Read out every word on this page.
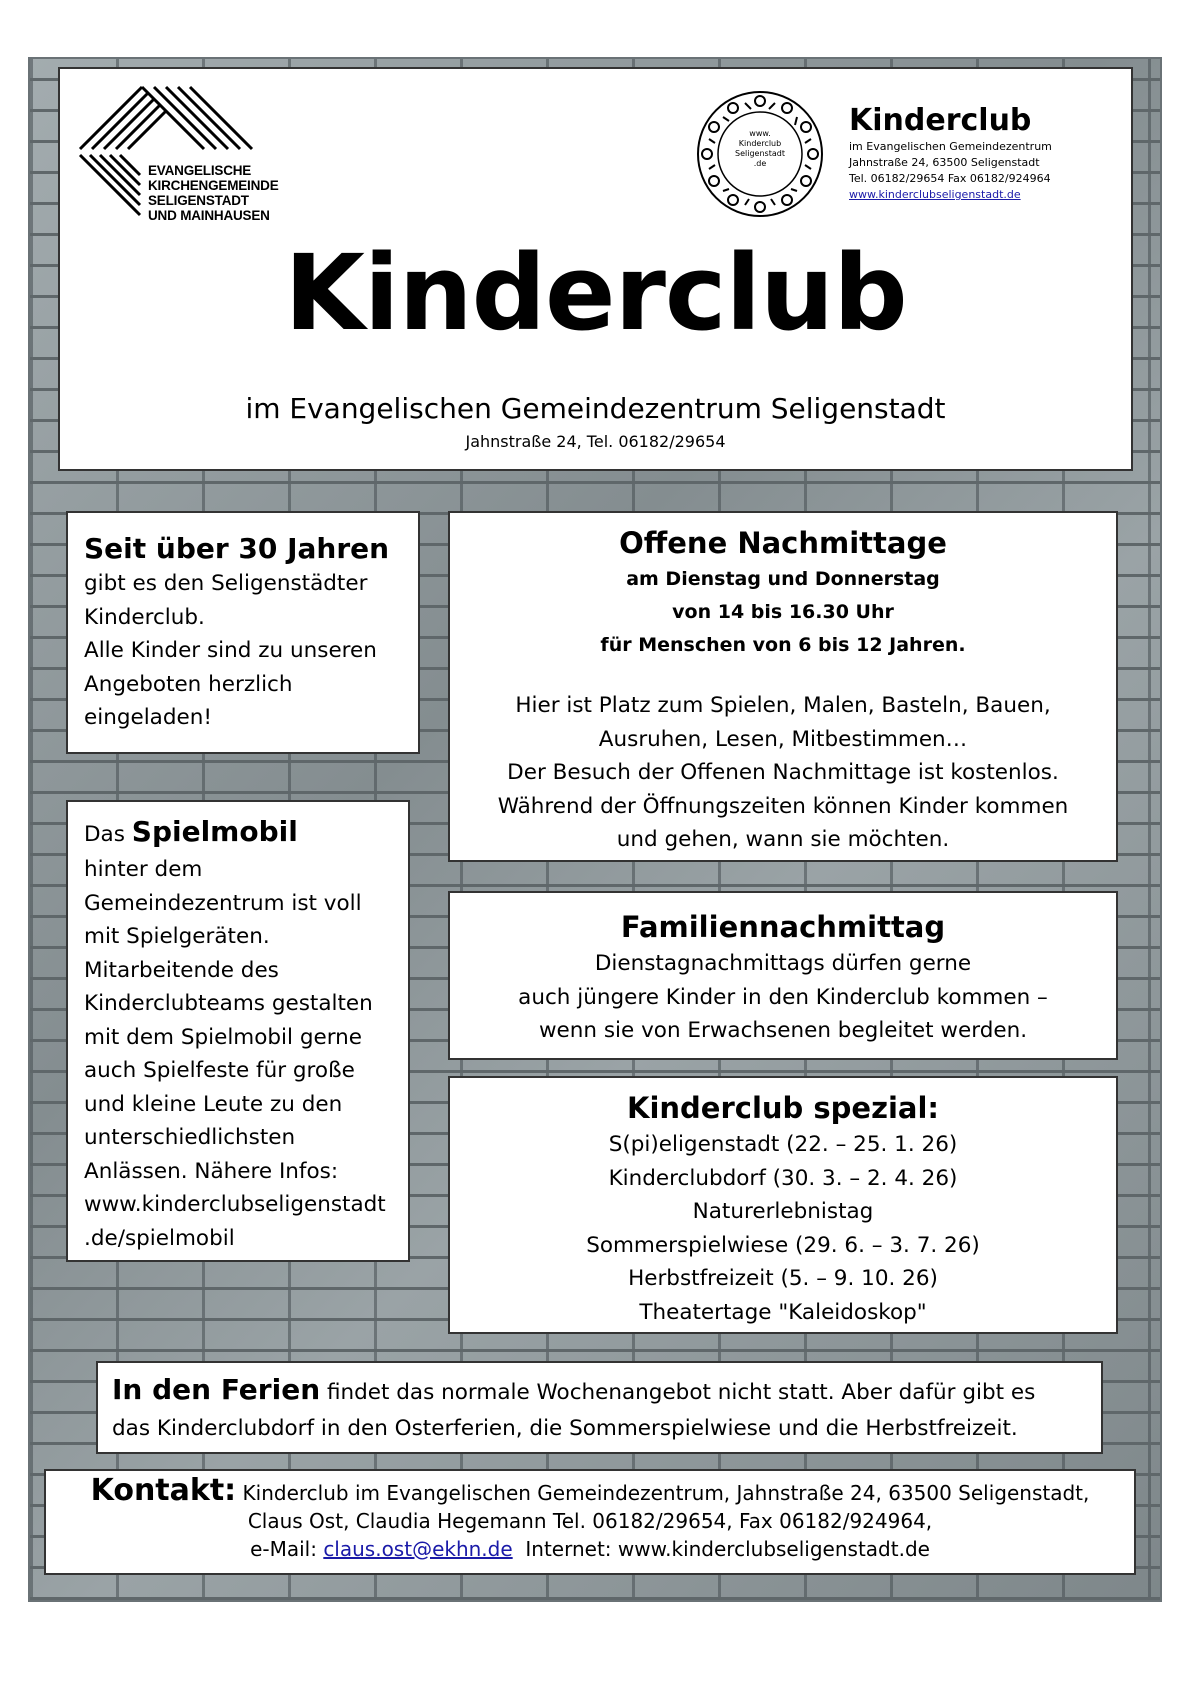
EVANGELISCHE
KIRCHENGEMEINDE
SELIGENSTADT
UND MAINHAUSEN
www.
Kinderclub
Seligenstadt
.de
Kinderclub
im Evangelischen Gemeindezentrum
Jahnstraße 24, 63500 Seligenstadt
Tel. 06182/29654 Fax 06182/924964
www.kinderclubseligenstadt.de
Kinderclub
im Evangelischen Gemeindezentrum Seligenstadt
Jahnstraße 24, Tel. 06182/29654
Seit über 30 Jahren
gibt es den Seligenstädter
Kinderclub.
Alle Kinder sind zu unseren
Angeboten herzlich
eingeladen!
Das Spielmobil
hinter dem
Gemeindezentrum ist voll
mit Spielgeräten.
Mitarbeitende des
Kinderclubteams gestalten
mit dem Spielmobil gerne
auch Spielfeste für große
und kleine Leute zu den
unterschiedlichsten
Anlässen. Nähere Infos:
www.kinderclubseligenstadt
.de/spielmobil
Offene Nachmittage
am Dienstag und Donnerstag
von 14 bis 16.30 Uhr
für Menschen von 6 bis 12 Jahren.
Hier ist Platz zum Spielen, Malen, Basteln, Bauen,
Ausruhen, Lesen, Mitbestimmen…
Der Besuch der Offenen Nachmittage ist kostenlos.
Während der Öffnungszeiten können Kinder kommen
und gehen, wann sie möchten.
Familiennachmittag
Dienstagnachmittags dürfen gerne
auch jüngere Kinder in den Kinderclub kommen –
wenn sie von Erwachsenen begleitet werden.
Kinderclub spezial:
S(pi)eligenstadt (22. – 25. 1. 26)
Kinderclubdorf (30. 3. – 2. 4. 26)
Naturerlebnistag
Sommerspielwiese (29. 6. – 3. 7. 26)
Herbstfreizeit (5. – 9. 10. 26)
Theatertage "Kaleidoskop"
In den Ferien findet das normale Wochenangebot nicht statt. Aber dafür gibt es
das Kinderclubdorf in den Osterferien, die Sommerspielwiese und die Herbstfreizeit.
Kontakt: Kinderclub im Evangelischen Gemeindezentrum, Jahnstraße 24, 63500 Seligenstadt,
Claus Ost, Claudia Hegemann Tel. 06182/29654, Fax 06182/924964,
e-Mail: claus.ost@ekhn.de  Internet: www.kinderclubseligenstadt.de
